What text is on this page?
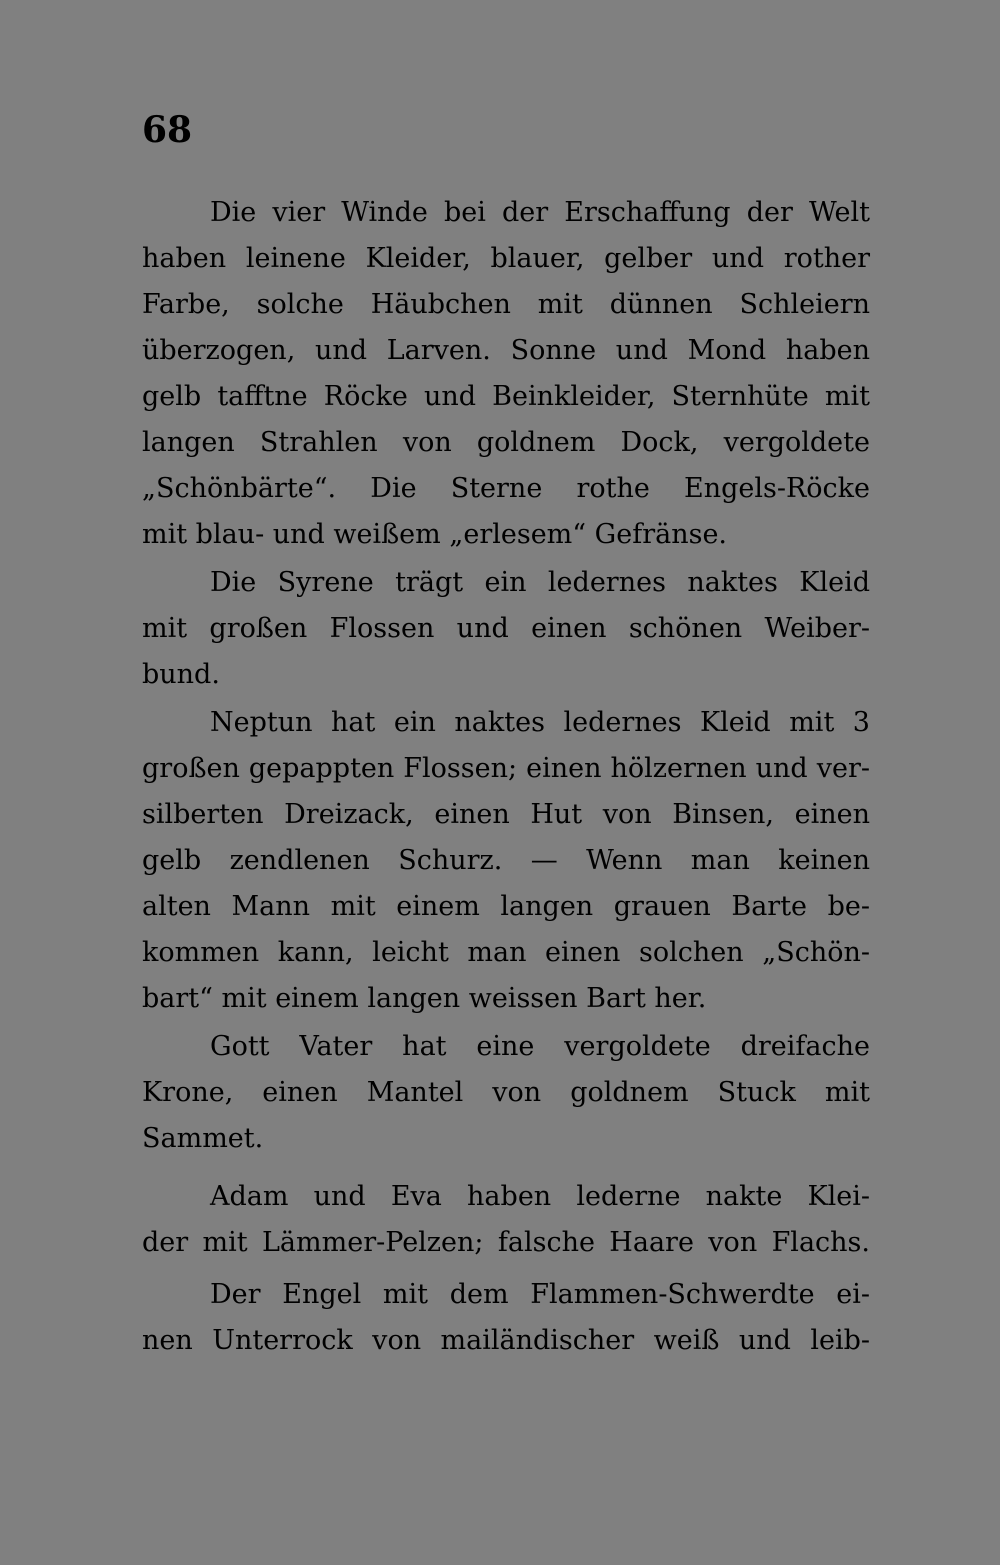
68
Die vier Winde bei der Erschaffung der Welt
haben leinene Kleider, blauer, gelber und rother
Farbe, solche Häubchen mit dünnen Schleiern
überzogen, und Larven. Sonne und Mond haben
gelb tafftne Röcke und Beinkleider, Sternhüte mit
langen Strahlen von goldnem Dock, vergoldete
„Schönbärte“. Die Sterne rothe Engels-Röcke
mit blau- und weißem „erlesem“ Gefränse.
Die Syrene trägt ein ledernes naktes Kleid
mit großen Flossen und einen schönen Weiber-
bund.
Neptun hat ein naktes ledernes Kleid mit 3
großen gepappten Flossen; einen hölzernen und ver-
silberten Dreizack, einen Hut von Binsen, einen
gelb zendlenen Schurz. — Wenn man keinen
alten Mann mit einem langen grauen Barte be-
kommen kann, leicht man einen solchen „Schön-
bart“ mit einem langen weissen Bart her.
Gott Vater hat eine vergoldete dreifache
Krone, einen Mantel von goldnem Stuck mit
Sammet.
Adam und Eva haben lederne nakte Klei-
der mit Lämmer-Pelzen; falsche Haare von Flachs.
Der Engel mit dem Flammen-Schwerdte ei-
nen Unterrock von mailändischer weiß und leib-
